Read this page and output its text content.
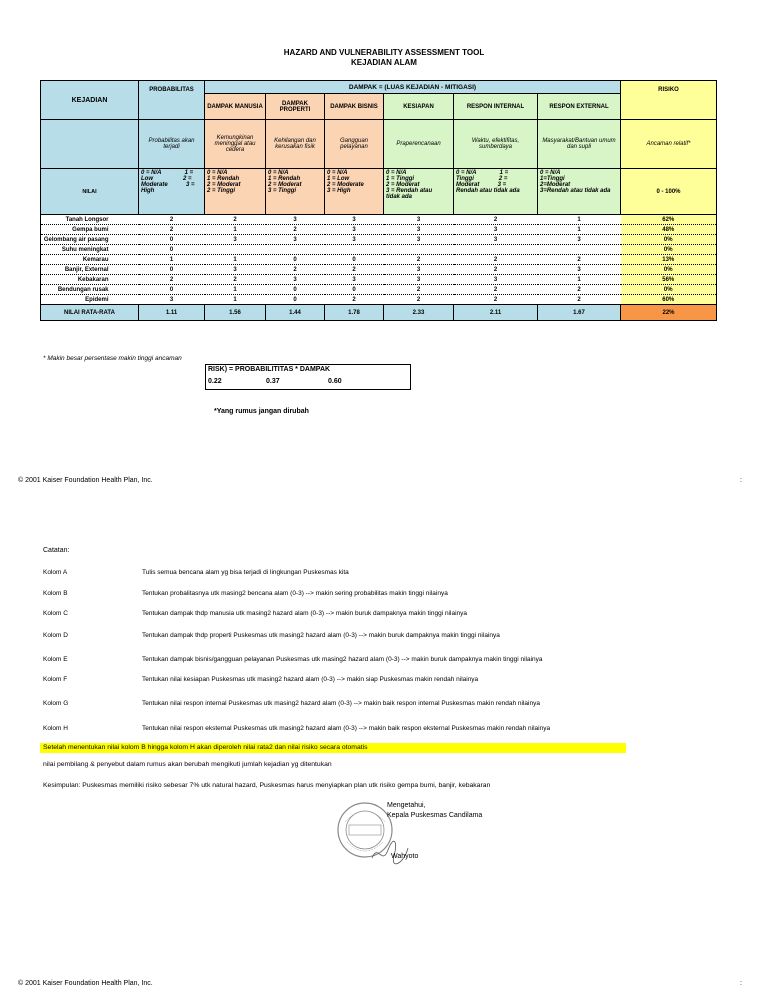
HAZARD AND VULNERABILITY ASSESSMENT TOOL
KEJADIAN ALAM
KEJADIAN	PROBABILITAS	DAMPAK = (LUAS KEJADIAN - MITIGASI)						RISIKO
		DAMPAK MANUSIA	DAMPAK PROPERTI	DAMPAK BISNIS	KESIAPAN	RESPON INTERNAL	RESPON EXTERNAL	
	Probabilitas akan terjadi	Kemungkinan meninggal atau cedera	Kehilangan dan kerusakan fisik	Gangguan pelayanan	Praperencanaan	Waktu, efektifitas, sumberdaya	Masyarakat/Bantuan umum dan supli	Ancaman relatif*
NILAI	0 = N/A              1 =
Low                  2 =
Moderate           3 =
High	0 = N/A
1 = Rendah
2 = Moderat
2 = Tinggi	0 = N/A
1 = Rendah
2 = Moderat
3 = Tinggi	0 = N/A
1 = Low
2 = Moderate
3 = High	0 = N/A
1 = Tinggi
2 = Moderat
3 = Rendah atau
tidak ada	0 = N/A              1 =
Tinggi               2 =
Moderat           3 =
Rendah atau tidak ada	0 = N/A
1=Tinggi
2=Moderat
3=Rendah atau tidak ada	0 - 100%
Tanah Longsor	2	2	3	3	3	2	1	62%
Gempa bumi	2	1	2	3	3	3	1	48%
Gelombang air pasang	0	3	3	3	3	3	3	0%
Suhu meningkat	0							0%
Kemarau	1	1	0	0	2	2	2	13%
Banjir, External	0	3	2	2	3	2	3	0%
Kebakaran	2	2	3	3	3	3	1	56%
Bendungan rusak	0	1	0	0	2	2	2	0%
Epidemi	3	1	0	2	2	2	2	60%
NILAI RATA-RATA	1.11	1.56	1.44	1.78	2.33	2.11	1.67	22%
* Makin besar persentase makin tinggi ancaman
RISK) = PROBABILITITAS * DAMPAK
0.22	0.37	0.60
*Yang rumus jangan dirubah
© 2001 Kaiser Foundation Health Plan, Inc.	:
Catatan:
Kolom A	Tulis semua bencana alam yg bisa terjadi di lingkungan Puskesmas kita
Kolom B	Tentukan probalitasnya utk masing2 bencana alam (0-3) --> makin sering probabilitas makin tinggi nilainya
Kolom C	Tentukan dampak thdp manusia utk masing2 hazard alam (0-3) --> makin buruk dampaknya makin tinggi nilainya
Kolom D	Tentukan dampak thdp properti Puskesmas utk masing2 hazard alam (0-3) --> makin buruk dampaknya makin tinggi nilainya
Kolom E	Tentukan dampak bisnis/gangguan pelayanan Puskesmas utk masing2 hazard alam (0-3) --> makin buruk dampaknya makin tinggi nilainya
Kolom F	Tentukan nilai kesiapan Puskesmas utk masing2 hazard alam (0-3) --> makin siap Puskesmas makin rendah nilainya
Kolom G	Tentukan nilai respon internal Puskesmas utk masing2 hazard alam (0-3) --> makin baik respon internal Puskesmas makin rendah nilainya
Kolom H	Tentukan nilai respon eksternal Puskesmas utk masing2 hazard alam (0-3) --> makin baik respon eksternal Puskesmas makin rendah nilainya
Setelah menentukan nilai kolom B hingga kolom H akan diperoleh nilai rata2 dan nilai risiko secara otomatis
nilai pembilang & penyebut dalam rumus akan berubah mengikuti jumlah kejadian yg ditentukan
Kesimpulan: Puskesmas memiliki risiko sebesar 7% utk natural hazard, Puskesmas harus menyiapkan plan utk risiko gempa bumi, banjir, kebakaran
Mengetahui,
Kepala Puskesmas Candilama
Wahyoto
© 2001 Kaiser Foundation Health Plan, Inc.	:
